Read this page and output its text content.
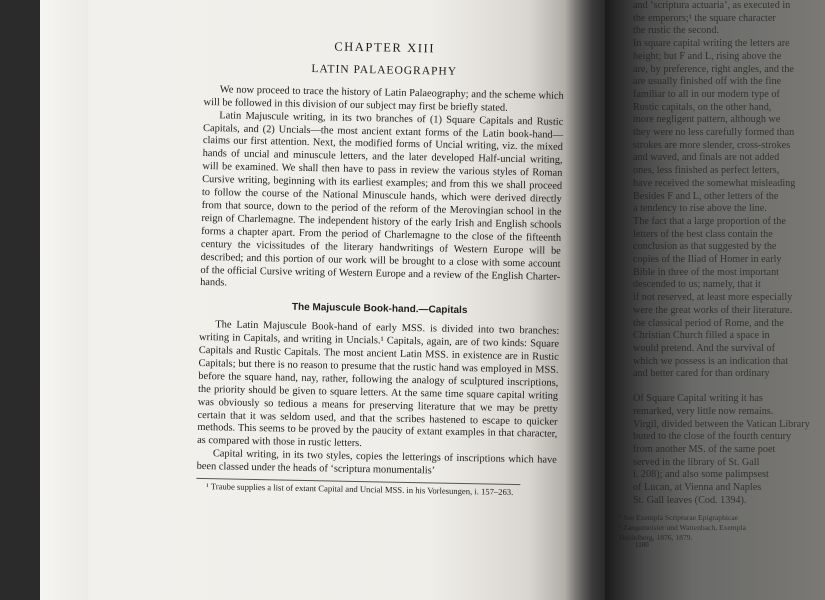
CHAPTER XIII
LATIN PALAEOGRAPHY

We now proceed to trace the history of Latin Palaeography; and the scheme which will be followed in this division of our subject may first be briefly stated.

Latin Majuscule writing, in its two branches of (1) Square Capitals and Rustic Capitals, and (2) Uncials—the most ancient extant forms of the Latin book-hand—claims our first attention. Next, the modified forms of Uncial writing, viz. the mixed hands of uncial and minuscule letters, and the later developed Half-uncial writing, will be examined. We shall then have to pass in review the various styles of Roman Cursive writing, beginning with its earliest examples; and from this we shall proceed to follow the course of the National Minuscule hands, which were derived directly from that source, down to the period of the reform of the Merovingian school in the reign of Charlemagne. The independent history of the early Irish and English schools forms a chapter apart. From the period of Charlemagne to the close of the fifteenth century the vicissitudes of the literary handwritings of Western Europe will be described; and this portion of our work will be brought to a close with some account of the official Cursive writing of Western Europe and a review of the English Charter-hands.

The Majuscule Book-hand.—Capitals

The Latin Majuscule Book-hand of early MSS. is divided into two branches: writing in Capitals, and writing in Uncials.¹ Capitals, again, are of two kinds: Square Capitals and Rustic Capitals. The most ancient Latin MSS. in existence are in Rustic Capitals; but there is no reason to presume that the rustic hand was employed in MSS. before the square hand, nay, rather, following the analogy of sculptured inscriptions, the priority should be given to square letters. At the same time square capital writing was obviously so tedious a means for preserving literature that we may be pretty certain that it was seldom used, and that the scribes hastened to escape to quicker methods. This seems to be proved by the paucity of extant examples in that character, as compared with those in rustic letters.

Capital writing, in its two styles, copies the letterings of inscriptions which have been classed under the heads of ‘scriptura monumentalis’

¹ Traube supplies a list of extant Capital and Uncial MSS. in his Vorlesungen, i. 157–263.

and ‘scriptura actuaria’, as executed in

the emperors;¹ the square character

the rustic the second.

In square capital writing the letters are

height; but F and L, rising above the

are, by preference, right angles, and the

are usually finished off with the fine

familiar to all in our modern type of

Rustic capitals, on the other hand,

more negligent pattern, although we

they were no less carefully formed than

strokes are more slender, cross-strokes

and waved, and finals are not added

ones, less finished as perfect letters,

have received the somewhat misleading

Besides F and L, other letters of the

a tendency to rise above the line.

The fact that a large proportion of the

letters of the best class contain the

conclusion as that suggested by the

copies of the Iliad of Homer in early

Bible in three of the most important

descended to us; namely, that it

if not reserved, at least more especially

were the great works of their literature.

the classical period of Rome, and the

Christian Church filled a space in

would pretend. And the survival of

which we possess is an indication that

and better cared for than ordinary

Of Square Capital writing it has

remarked, very little now remains.

Virgil, divided between the Vatican Library

buted to the close of the fourth century

from another MS. of the same poet

served in the library of St. Gall

i. 208); and also some palimpsest

of Lucan, at Vienna and Naples

St. Gall leaves (Cod. 1394).

¹ See Exempla Scripturae Epigraphicae
² Zangemeister und Wattenbach, Exempla
Heidelberg, 1876, 1879.
1180
